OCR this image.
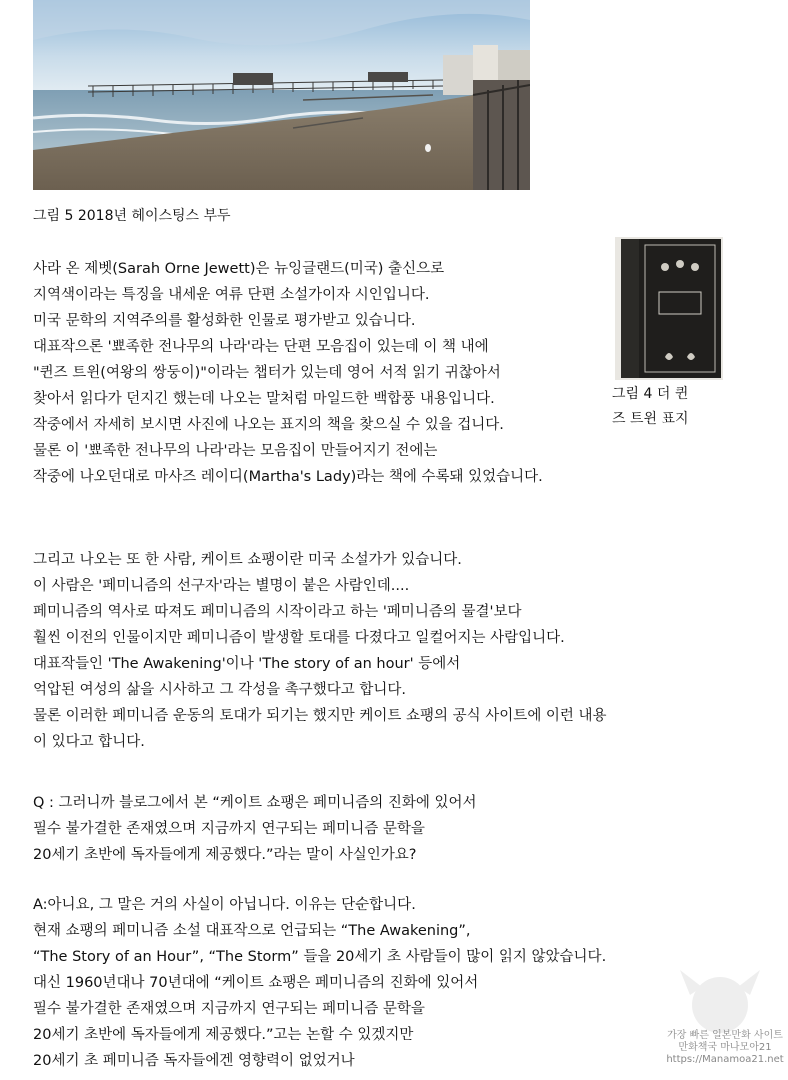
그림 5 2018년 헤이스팅스 부두
그림 4 더 퀸
즈 트윈 표지
사라 온 제벳(Sarah Orne Jewett)은 뉴잉글랜드(미국) 출신으로
지역색이라는 특징을 내세운 여류 단편 소설가이자 시인입니다.
미국 문학의 지역주의를 활성화한 인물로 평가받고 있습니다.
대표작으론 '뾰족한 전나무의 나라'라는 단편 모음집이 있는데 이 책 내에
"퀸즈 트윈(여왕의 쌍둥이)"이라는 챕터가 있는데 영어 서적 읽기 귀찮아서
찾아서 읽다가 던지긴 했는데 나오는 말처럼 마일드한 백합풍 내용입니다.
작중에서 자세히 보시면 사진에 나오는 표지의 책을 찾으실 수 있을 겁니다.
물론 이 '뾰족한 전나무의 나라'라는 모음집이 만들어지기 전에는
작중에 나오던대로 마사즈 레이디(Martha's Lady)라는 책에 수록돼 있었습니다.
그리고 나오는 또 한 사람, 케이트 쇼팽이란 미국 소설가가 있습니다.
이 사람은 '페미니즘의 선구자'라는 별명이 붙은 사람인데....
페미니즘의 역사로 따져도 페미니즘의 시작이라고 하는 '페미니즘의 물결'보다
훨씬 이전의 인물이지만 페미니즘이 발생할 토대를 다졌다고 일컬어지는 사람입니다.
대표작들인 'The Awakening'이나 'The story of an hour' 등에서
억압된 여성의 삶을 시사하고 그 각성을 촉구했다고 합니다.
물론 이러한 페미니즘 운동의 토대가 되기는 했지만 케이트 쇼팽의 공식 사이트에 이런 내용
이 있다고 합니다.
Q : 그러니까 블로그에서 본 “케이트 쇼팽은 페미니즘의 진화에 있어서
필수 불가결한 존재였으며 지금까지 연구되는 페미니즘 문학을
20세기 초반에 독자들에게 제공했다.”라는 말이 사실인가요?
A:아니요, 그 말은 거의 사실이 아닙니다. 이유는 단순합니다.
현재 쇼팽의 페미니즘 소설 대표작으로 언급되는 “The Awakening”,
“The Story of an Hour”, “The Storm” 들을 20세기 초 사람들이 많이 읽지 않았습니다.
대신 1960년대나 70년대에 “케이트 쇼팽은 페미니즘의 진화에 있어서
필수 불가결한 존재였으며 지금까지 연구되는 페미니즘 문학을
20세기 초반에 독자들에게 제공했다.”고는 논할 수 있겠지만
20세기 초 페미니즘 독자들에겐 영향력이 없었거나
가장 빠른 일본만화 사이트
만화책국 마나모아21
https://Manamoa21.net
